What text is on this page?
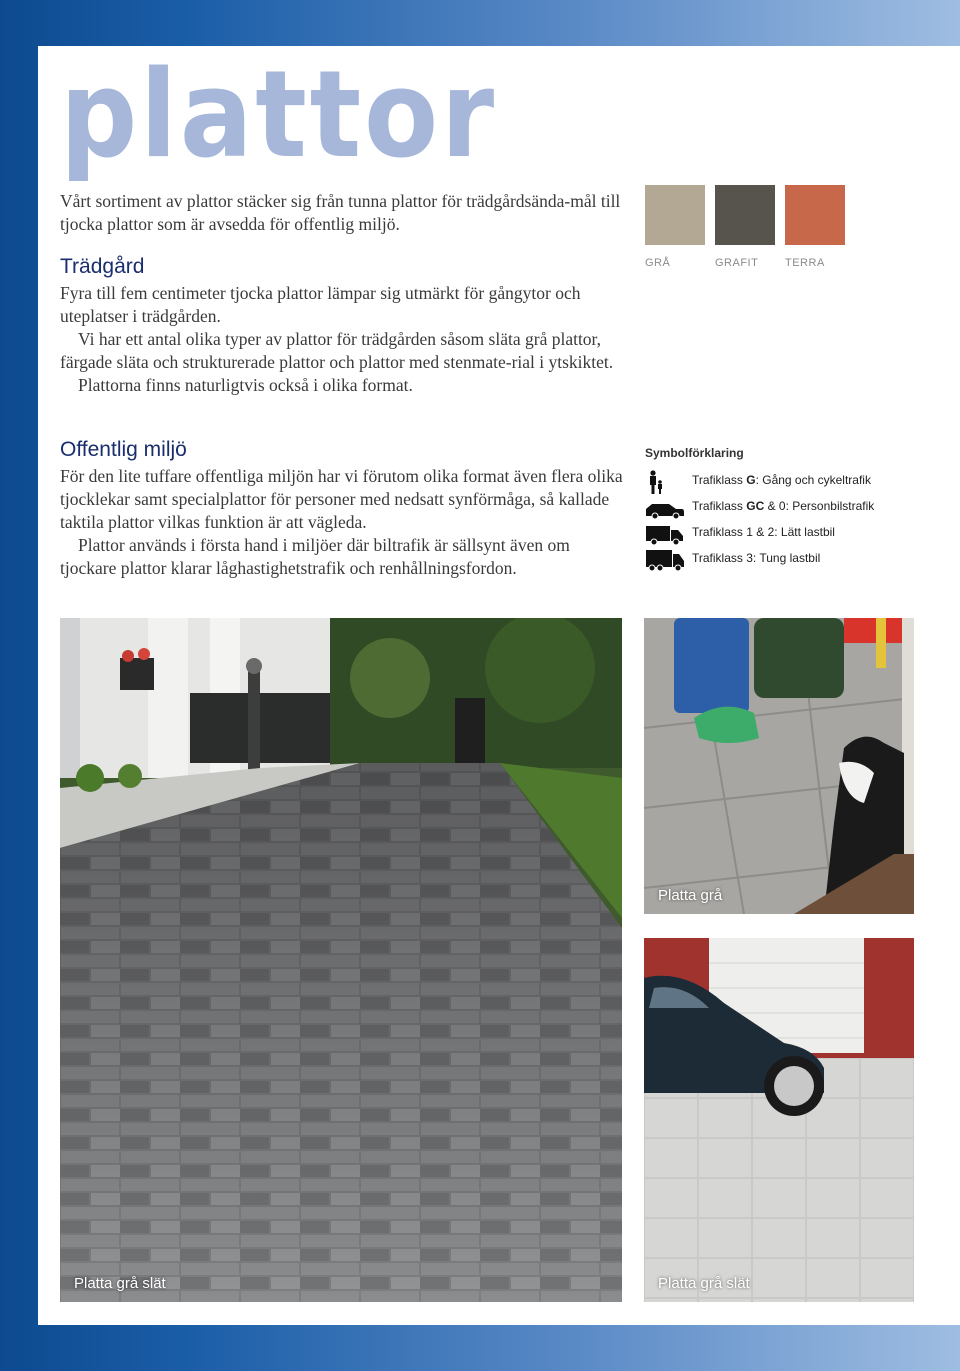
plattor

Vårt sortiment av plattor stäcker sig från tunna plattor för trädgårdsända-mål till tjocka plattor som är avsedda för offentlig miljö.

Trädgård

Fyra till fem centimeter tjocka plattor lämpar sig utmärkt för gångytor och uteplatser i trädgården.

Vi har ett antal olika typer av plattor för trädgården såsom släta grå plattor, färgade släta och strukturerade plattor och plattor med stenmate-rial i ytskiktet.

Plattorna finns naturligtvis också i olika format.

Offentlig miljö

För den lite tuffare offentliga miljön har vi förutom olika format även flera olika tjocklekar samt specialplattor för personer med nedsatt synförmåga, så kallade taktila plattor vilkas funktion är att vägleda.

Plattor används i första hand i miljöer där biltrafik är sällsynt även om tjockare plattor klarar låghastighetstrafik och renhållningsfordon.

GRÅ	GRAFIT TERRA
Symbolförklaring
Trafiklass G: Gång och cykeltrafik
Trafiklass GC & 0: Personbilstrafik
Trafiklass 1 & 2: Lätt lastbil
Trafiklass 3: Tung lastbil
Platta grå slät
Platta grå
Platta grå slät
